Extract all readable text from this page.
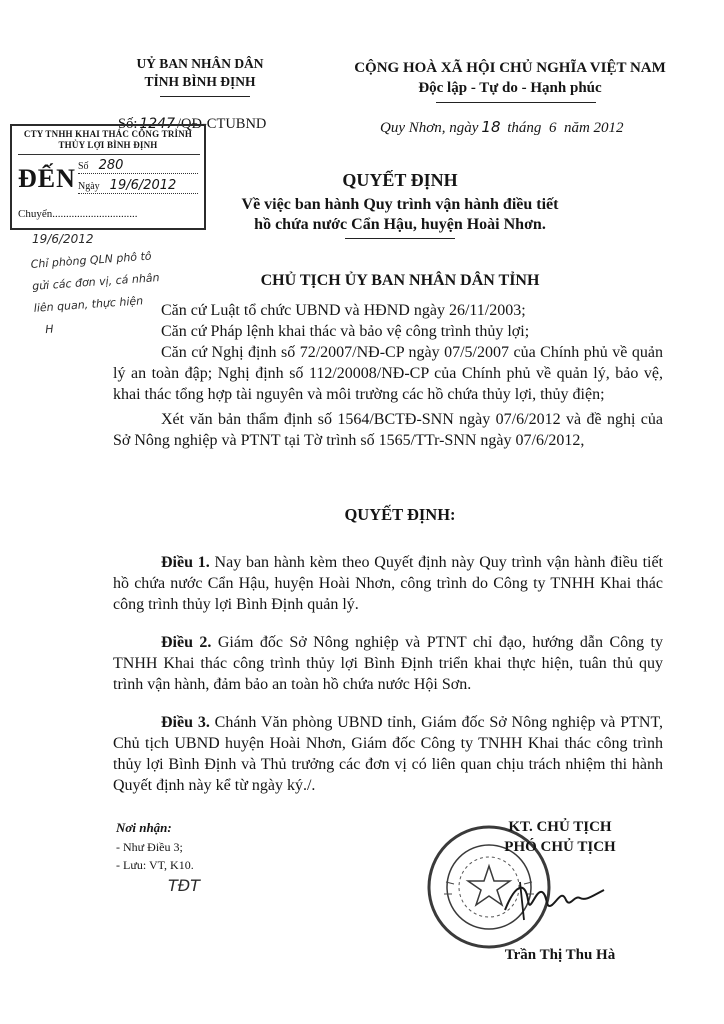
UỶ BAN NHÂN DÂN
TỈNH BÌNH ĐỊNH
CỘNG HOÀ XÃ HỘI CHỦ NGHĨA VIỆT NAM
Độc lập - Tự do - Hạnh phúc
Số: 1247 /QĐ-CTUBND	Quy Nhơn, ngày 18 tháng 6 năm 2012
CTY TNHH KHAI THÁC CÔNG TRÌNH
THỦY LỢI BÌNH ĐỊNH
ĐẾN Số 280
Ngày 19/6/2012
Chuyển...............................
19/6/2012
Chỉ phòng QLN phô tô
gửi các đơn vị, cá nhân
liên quan, thực hiện
H
QUYẾT ĐỊNH
Về việc ban hành Quy trình vận hành điều tiết
hồ chứa nước Cẩn Hậu, huyện Hoài Nhơn.
CHỦ TỊCH ỦY BAN NHÂN DÂN TỈNH

Căn cứ Luật tổ chức UBND và HĐND ngày 26/11/2003;

Căn cứ Pháp lệnh khai thác và bảo vệ công trình thủy lợi;

Căn cứ Nghị định số 72/2007/NĐ-CP ngày 07/5/2007 của Chính phủ về quản lý an toàn đập; Nghị định số 112/20008/NĐ-CP của Chính phủ về quản lý, bảo vệ, khai thác tổng hợp tài nguyên và môi trường các hồ chứa thủy lợi, thủy điện;

Xét văn bản thẩm định số 1564/BCTĐ-SNN ngày 07/6/2012 và đề nghị của Sở Nông nghiệp và PTNT tại Tờ trình số 1565/TTr-SNN ngày 07/6/2012,

QUYẾT ĐỊNH:
Điều 1. Nay ban hành kèm theo Quyết định này Quy trình vận hành điều tiết hồ chứa nước Cẩn Hậu, huyện Hoài Nhơn, công trình do Công ty TNHH Khai thác công trình thủy lợi Bình Định quản lý.
Điều 2. Giám đốc Sở Nông nghiệp và PTNT chỉ đạo, hướng dẫn Công ty TNHH Khai thác công trình thủy lợi Bình Định triển khai thực hiện, tuân thủ quy trình vận hành, đảm bảo an toàn hồ chứa nước Hội Sơn.
Điều 3. Chánh Văn phòng UBND tỉnh, Giám đốc Sở Nông nghiệp và PTNT, Chủ tịch UBND huyện Hoài Nhơn, Giám đốc Công ty TNHH Khai thác công trình thủy lợi Bình Định và Thủ trưởng các đơn vị có liên quan chịu trách nhiệm thi hành Quyết định này kể từ ngày ký./.
Nơi nhận:
- Như Điều 3;
- Lưu: VT, K10.
TĐT
KT. CHỦ TỊCH
PHÓ CHỦ TỊCH
Trần Thị Thu Hà
